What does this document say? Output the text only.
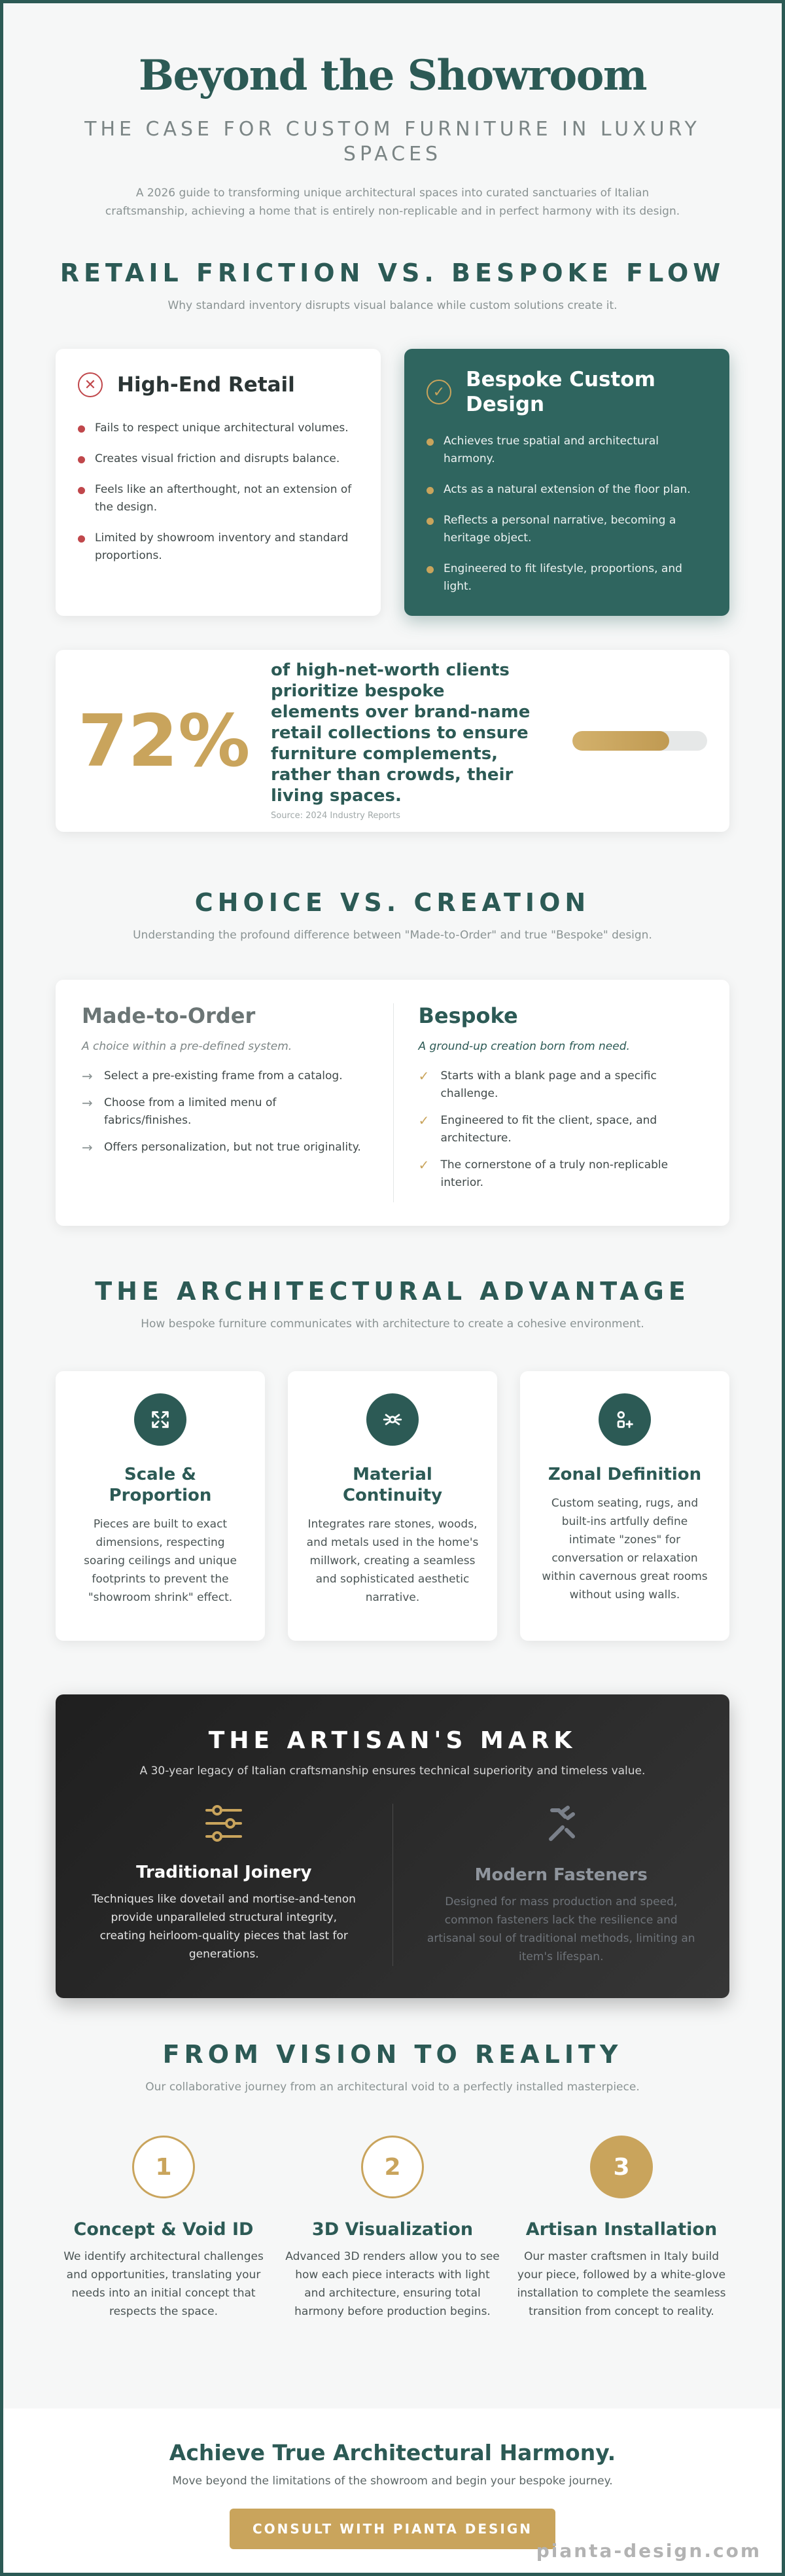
Beyond the Showroom
THE CASE FOR CUSTOM FURNITURE IN LUXURY SPACES

A 2026 guide to transforming unique architectural spaces into curated sanctuaries of Italian craftsmanship, achieving a home that is entirely non-replicable and in perfect harmony with its design.

RETAIL FRICTION VS. BESPOKE FLOW

Why standard inventory disrupts visual balance while custom solutions create it.

✕	High-End Retail
Fails to respect unique architectural volumes.
Creates visual friction and disrupts balance.
Feels like an afterthought, not an extension of the design.
Limited by showroom inventory and standard proportions.
✓
Bespoke Custom Design
Achieves true spatial and architectural harmony.
Acts as a natural extension of the floor plan.
Reflects a personal narrative, becoming a heritage object.
Engineered to fit lifestyle, proportions, and light.
72%

of high-net-worth clients prioritize bespoke elements over brand-name retail collections to ensure furniture complements, rather than crowds, their living spaces.

Source: 2024 Industry Reports

CHOICE VS. CREATION

Understanding the profound difference between "Made-to-Order" and true "Bespoke" design.

Made-to-Order

A choice within a pre-defined system.

→ Select a pre-existing frame from a catalog.
→ Choose from a limited menu of fabrics/finishes.
→ Offers personalization, but not true originality.
Bespoke

A ground-up creation born from need.

✓ Starts with a blank page and a specific challenge.
✓ Engineered to fit the client, space, and architecture.
✓ The cornerstone of a truly non-replicable interior.
THE ARCHITECTURAL ADVANTAGE

How bespoke furniture communicates with architecture to create a cohesive environment.

Scale & Proportion

Pieces are built to exact dimensions, respecting soaring ceilings and unique footprints to prevent the "showroom shrink" effect.

Material Continuity

Integrates rare stones, woods, and metals used in the home's millwork, creating a seamless and sophisticated aesthetic narrative.

Zonal Definition

Custom seating, rugs, and built-ins artfully define intimate "zones" for conversation or relaxation within cavernous great rooms without using walls.

THE ARTISAN'S MARK

A 30-year legacy of Italian craftsmanship ensures technical superiority and timeless value.

Traditional Joinery

Techniques like dovetail and mortise-and-tenon provide unparalleled structural integrity, creating heirloom-quality pieces that last for generations.

Modern Fasteners

Designed for mass production and speed, common fasteners lack the resilience and artisanal soul of traditional methods, limiting an item's lifespan.

FROM VISION TO REALITY

Our collaborative journey from an architectural void to a perfectly installed masterpiece.

1
Concept & Void ID

We identify architectural challenges and opportunities, translating your needs into an initial concept that respects the space.

2
3D Visualization

Advanced 3D renders allow you to see how each piece interacts with light and architecture, ensuring total harmony before production begins.

3
Artisan Installation

Our master craftsmen in Italy build your piece, followed by a white-glove installation to complete the seamless transition from concept to reality.

Achieve True Architectural Harmony.

Move beyond the limitations of the showroom and begin your bespoke journey.

CONSULT WITH PIANTA DESIGN
pianta-design.com
